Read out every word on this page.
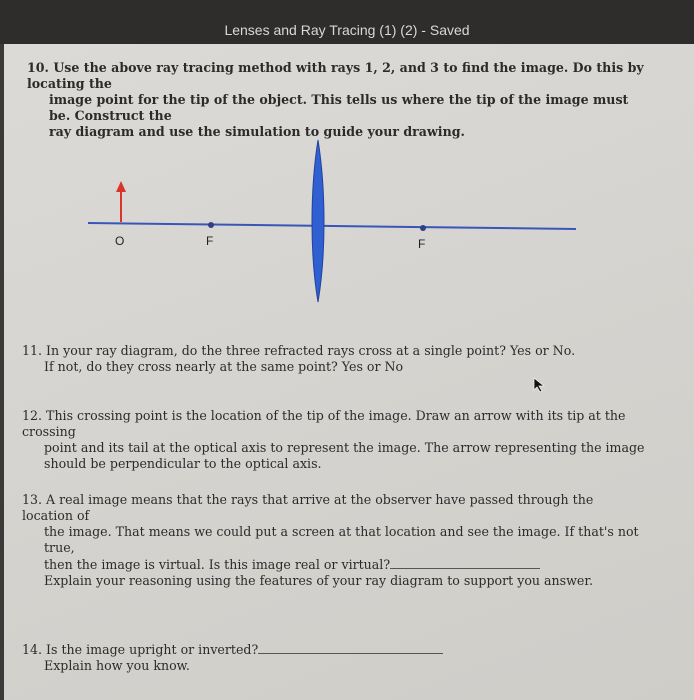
Lenses and Ray Tracing (1) (2) - Saved
10. Use the above ray tracing method with rays 1, 2, and 3 to find the image. Do this by locating the
image point for the tip of the object. This tells us where the tip of the image must be. Construct the
ray diagram and use the simulation to guide your drawing.
O	F	F
11. In your ray diagram, do the three refracted rays cross at a single point? Yes or No.
If not, do they cross nearly at the same point? Yes or No
12. This crossing point is the location of the tip of the image. Draw an arrow with its tip at the crossing
point and its tail at the optical axis to represent the image. The arrow representing the image
should be perpendicular to the optical axis.
13. A real image means that the rays that arrive at the observer have passed through the location of
the image. That means we could put a screen at that location and see the image. If that's not true,
then the image is virtual. Is this image real or virtual?
Explain your reasoning using the features of your ray diagram to support you answer.
14. Is the image upright or inverted?
Explain how you know.
